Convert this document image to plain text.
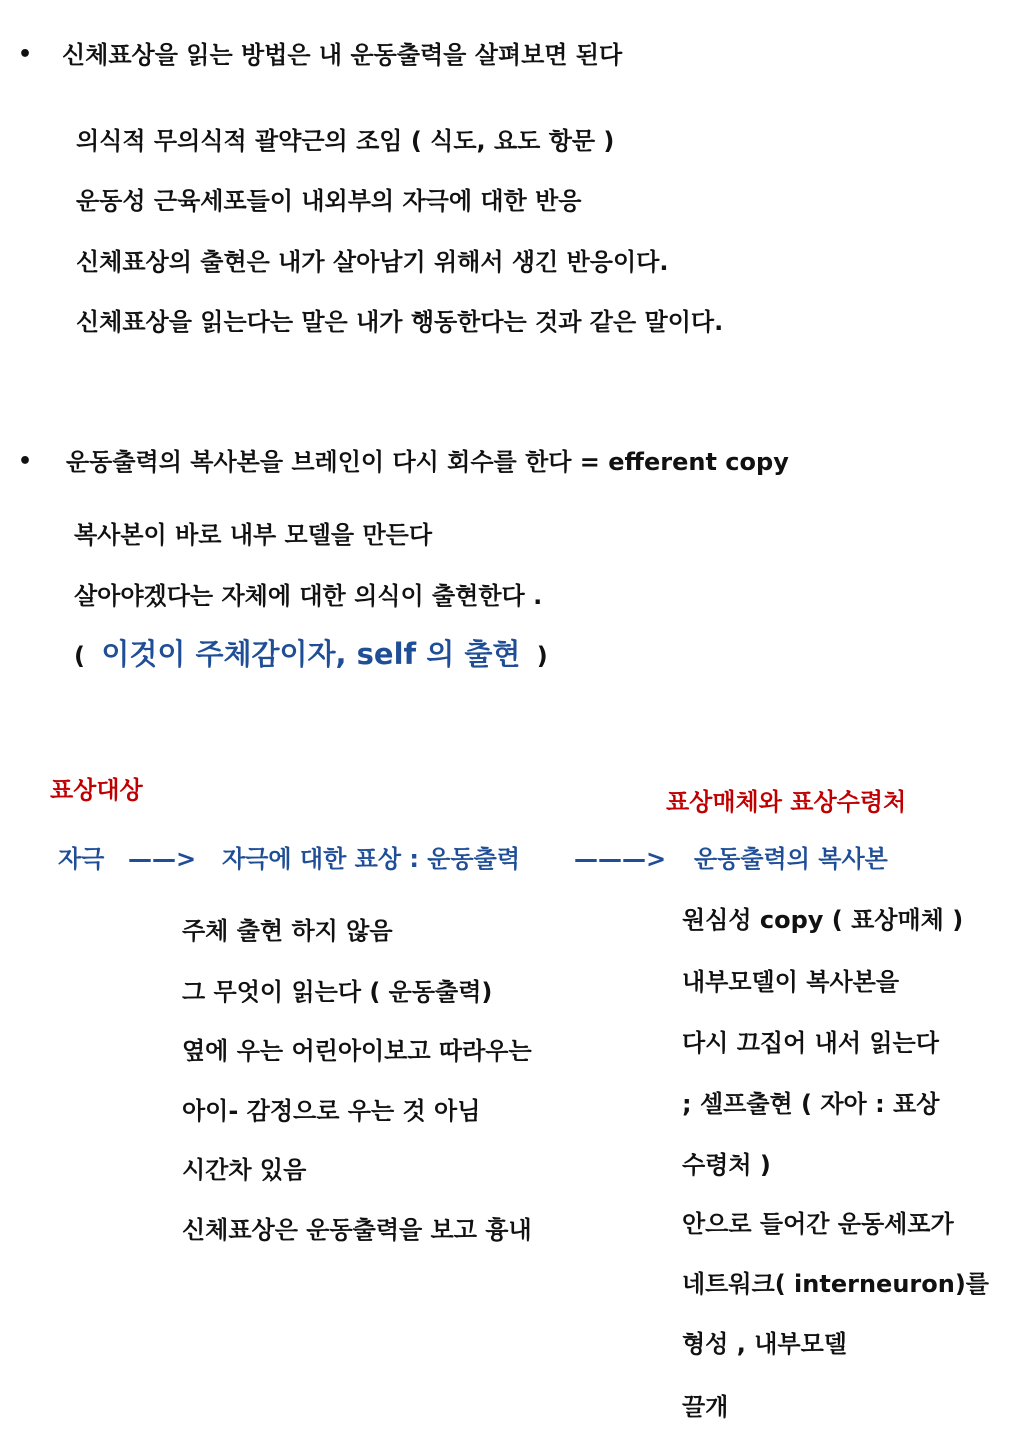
• 신체표상을 읽는 방법은 내 운동출력을 살펴보면 된다
의식적 무의식적 괄약근의 조임 ( 식도, 요도 항문 )
운동성 근육세포들이 내외부의 자극에 대한 반응
신체표상의 출현은 내가 살아남기 위해서 생긴 반응이다.
신체표상을 읽는다는 말은 내가 행동한다는 것과 같은 말이다.
• 운동출력의 복사본을 브레인이 다시 회수를 한다 = efferent copy
복사본이 바로 내부 모델을 만든다
살아야겠다는 자체에 대한 의식이 출현한다 .
( 이것이 주체감이자, self 의 출현 )
표상대상	표상매체와 표상수령처
자극 ——> 자극에 대한 표상 : 운동출력 ———> 운동출력의 복사본
주체 출현 하지 않음
그 무엇이 읽는다 ( 운동출력)
옆에 우는 어린아이보고 따라우는
아이- 감정으로 우는 것 아님
시간차 있음
신체표상은 운동출력을 보고 흉내
원심성 copy ( 표상매체 )
내부모델이 복사본을
다시 끄집어 내서 읽는다
; 셀프출현 ( 자아 : 표상
수령처 )
안으로 들어간 운동세포가
네트워크( interneuron)를
형성 , 내부모델
끌개
